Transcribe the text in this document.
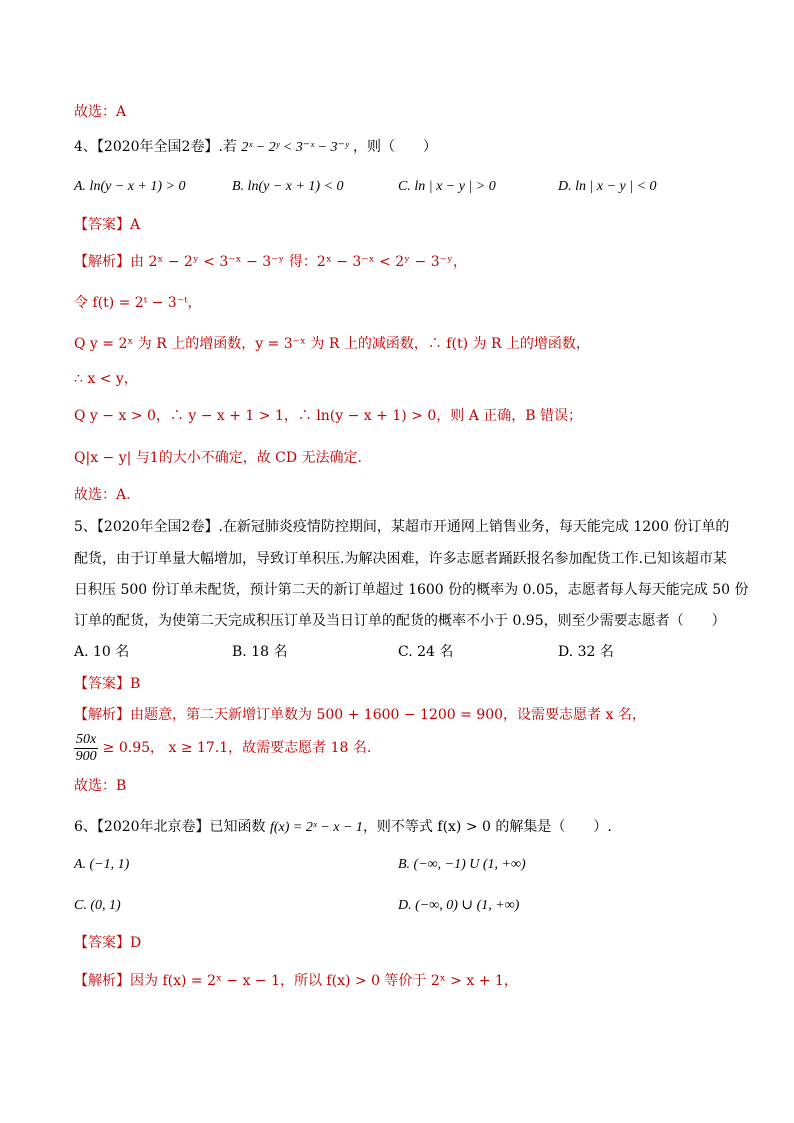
故选：A
4、【2020年全国2卷】.若 2ˣ − 2ʸ < 3⁻ˣ − 3⁻ʸ ，则（　　）
A. ln(y − x + 1) > 0	B. ln(y − x + 1) < 0	C. ln | x − y | > 0	D. ln | x − y | < 0
【答案】A
【解析】由 2ˣ − 2ʸ < 3⁻ˣ − 3⁻ʸ 得：2ˣ − 3⁻ˣ < 2ʸ − 3⁻ʸ，
令 f(t) = 2ᵗ − 3⁻ᵗ，
Q y = 2ˣ 为 R 上的增函数，y = 3⁻ˣ 为 R 上的减函数，∴ f(t) 为 R 上的增函数，
∴ x < y，
Q y − x > 0，∴ y − x + 1 > 1，∴ ln(y − x + 1) > 0，则 A 正确，B 错误；
Q|x − y| 与1的大小不确定，故 CD 无法确定.
故选：A.
5、【2020年全国2卷】.在新冠肺炎疫情防控期间，某超市开通网上销售业务，每天能完成 1200 份订单的
配货，由于订单量大幅增加，导致订单积压.为解决困难，许多志愿者踊跃报名参加配货工作.已知该超市某
日积压 500 份订单未配货，预计第二天的新订单超过 1600 份的概率为 0.05，志愿者每人每天能完成 50 份
订单的配货，为使第二天完成积压订单及当日订单的配货的概率不小于 0.95，则至少需要志愿者（　　）
A. 10 名	B. 18 名	C. 24 名	D. 32 名
【答案】B
【解析】由题意，第二天新增订单数为 500 + 1600 − 1200 = 900，设需要志愿者 x 名，
$\frac{50x}{900} \ge 0.95$， x ≥ 17.1，故需要志愿者 18 名.
故选：B
6、【2020年北京卷】已知函数 f(x) = 2ˣ − x − 1，则不等式 f(x) > 0 的解集是（　　）.
A. (−1, 1)	B. (−∞, −1) U (1, +∞)
C. (0, 1)	D. (−∞, 0) ∪ (1, +∞)
【答案】D
【解析】因为 f(x) = 2ˣ − x − 1，所以 f(x) > 0 等价于 2ˣ > x + 1，
